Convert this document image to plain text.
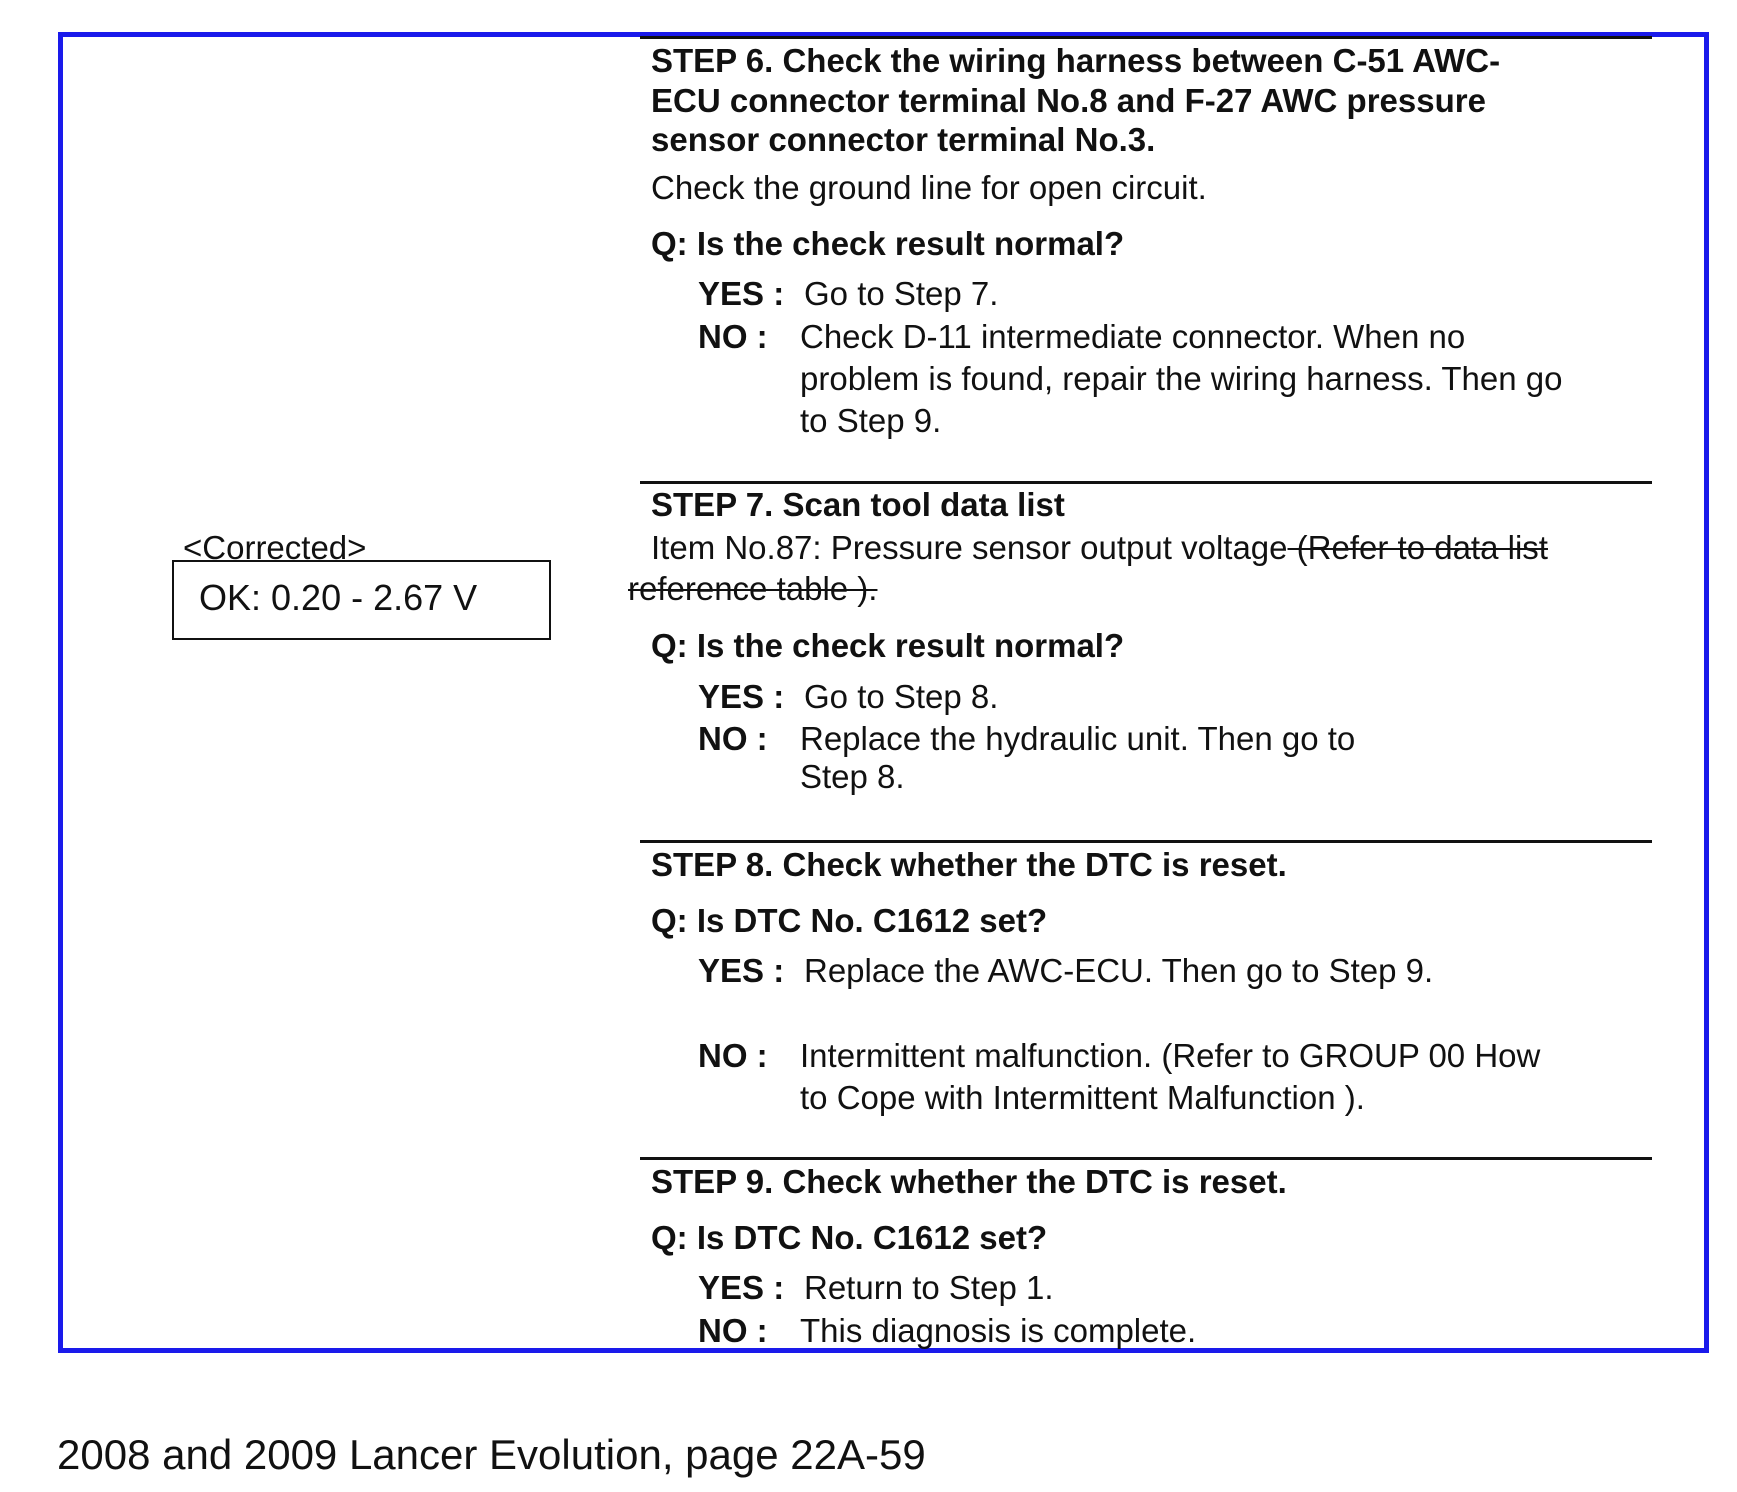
<Corrected>
OK: 0.20 - 2.67 V
STEP 6. Check the wiring harness between C-51 AWC-
ECU connector terminal No.8 and F-27 AWC pressure
sensor connector terminal No.3.
Check the ground line for open circuit.
Q: Is the check result normal?
YES : Go to Step 7.
NO : Check D-11 intermediate connector. When no
problem is found, repair the wiring harness. Then go
to Step 9.
STEP 7. Scan tool data list
Item No.87: Pressure sensor output voltage (Refer to data list
reference table ).
Q: Is the check result normal?
YES : Go to Step 8.
NO : Replace the hydraulic unit. Then go to
Step 8.
STEP 8. Check whether the DTC is reset.
Q: Is DTC No. C1612 set?
YES : Replace the AWC-ECU. Then go to Step 9.
NO : Intermittent malfunction. (Refer to GROUP 00 How
to Cope with Intermittent Malfunction ).
STEP 9. Check whether the DTC is reset.
Q: Is DTC No. C1612 set?
YES : Return to Step 1.
NO : This diagnosis is complete.
2008 and 2009 Lancer Evolution, page 22A-59
